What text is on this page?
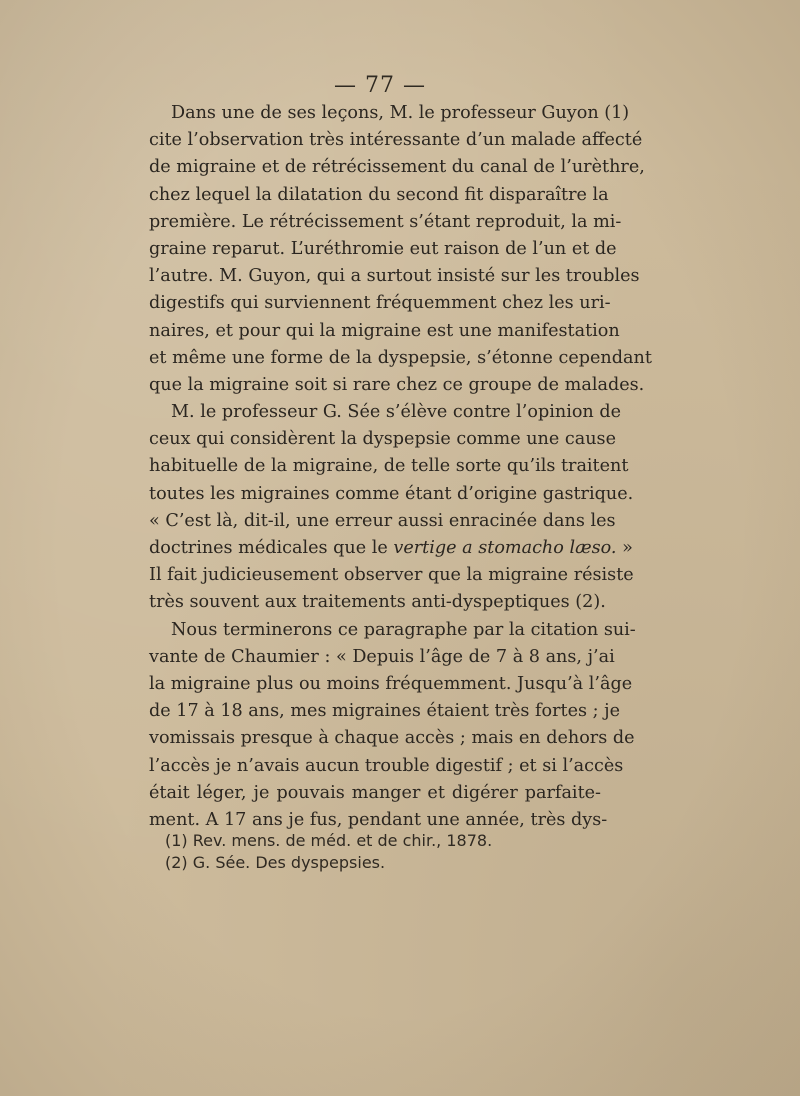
— 77 —
Dans une de ses leçons, M. le professeur Guyon (1)
cite l’observation très intéressante d’un malade affecté
de migraine et de rétrécissement du canal de l’urèthre,
chez lequel la dilatation du second fit disparaître la
première. Le rétrécissement s’étant reproduit, la mi-
graine reparut. L’uréthromie eut raison de l’un et de
l’autre. M. Guyon, qui a surtout insisté sur les troubles
digestifs qui surviennent fréquemment chez les uri-
naires, et pour qui la migraine est une manifestation
et même une forme de la dyspepsie, s’étonne cependant
que la migraine soit si rare chez ce groupe de malades.
M. le professeur G. Sée s’élève contre l’opinion de
ceux qui considèrent la dyspepsie comme une cause
habituelle de la migraine, de telle sorte qu’ils traitent
toutes les migraines comme étant d’origine gastrique.
« C’est là, dit-il, une erreur aussi enracinée dans les
doctrines médicales que le vertige a stomacho læso. »
Il fait judicieusement observer que la migraine résiste
très souvent aux traitements anti-dyspeptiques (2).
Nous terminerons ce paragraphe par la citation sui-
vante de Chaumier : « Depuis l’âge de 7 à 8 ans, j’ai
la migraine plus ou moins fréquemment. Jusqu’à l’âge
de 17 à 18 ans, mes migraines étaient très fortes ; je
vomissais presque à chaque accès ; mais en dehors de
l’accès je n’avais aucun trouble digestif ; et si l’accès
était léger, je pouvais manger et digérer parfaite-
ment. A 17 ans je fus, pendant une année, très dys-
(1) Rev. mens. de méd. et de chir., 1878.
(2) G. Sée. Des dyspepsies.
